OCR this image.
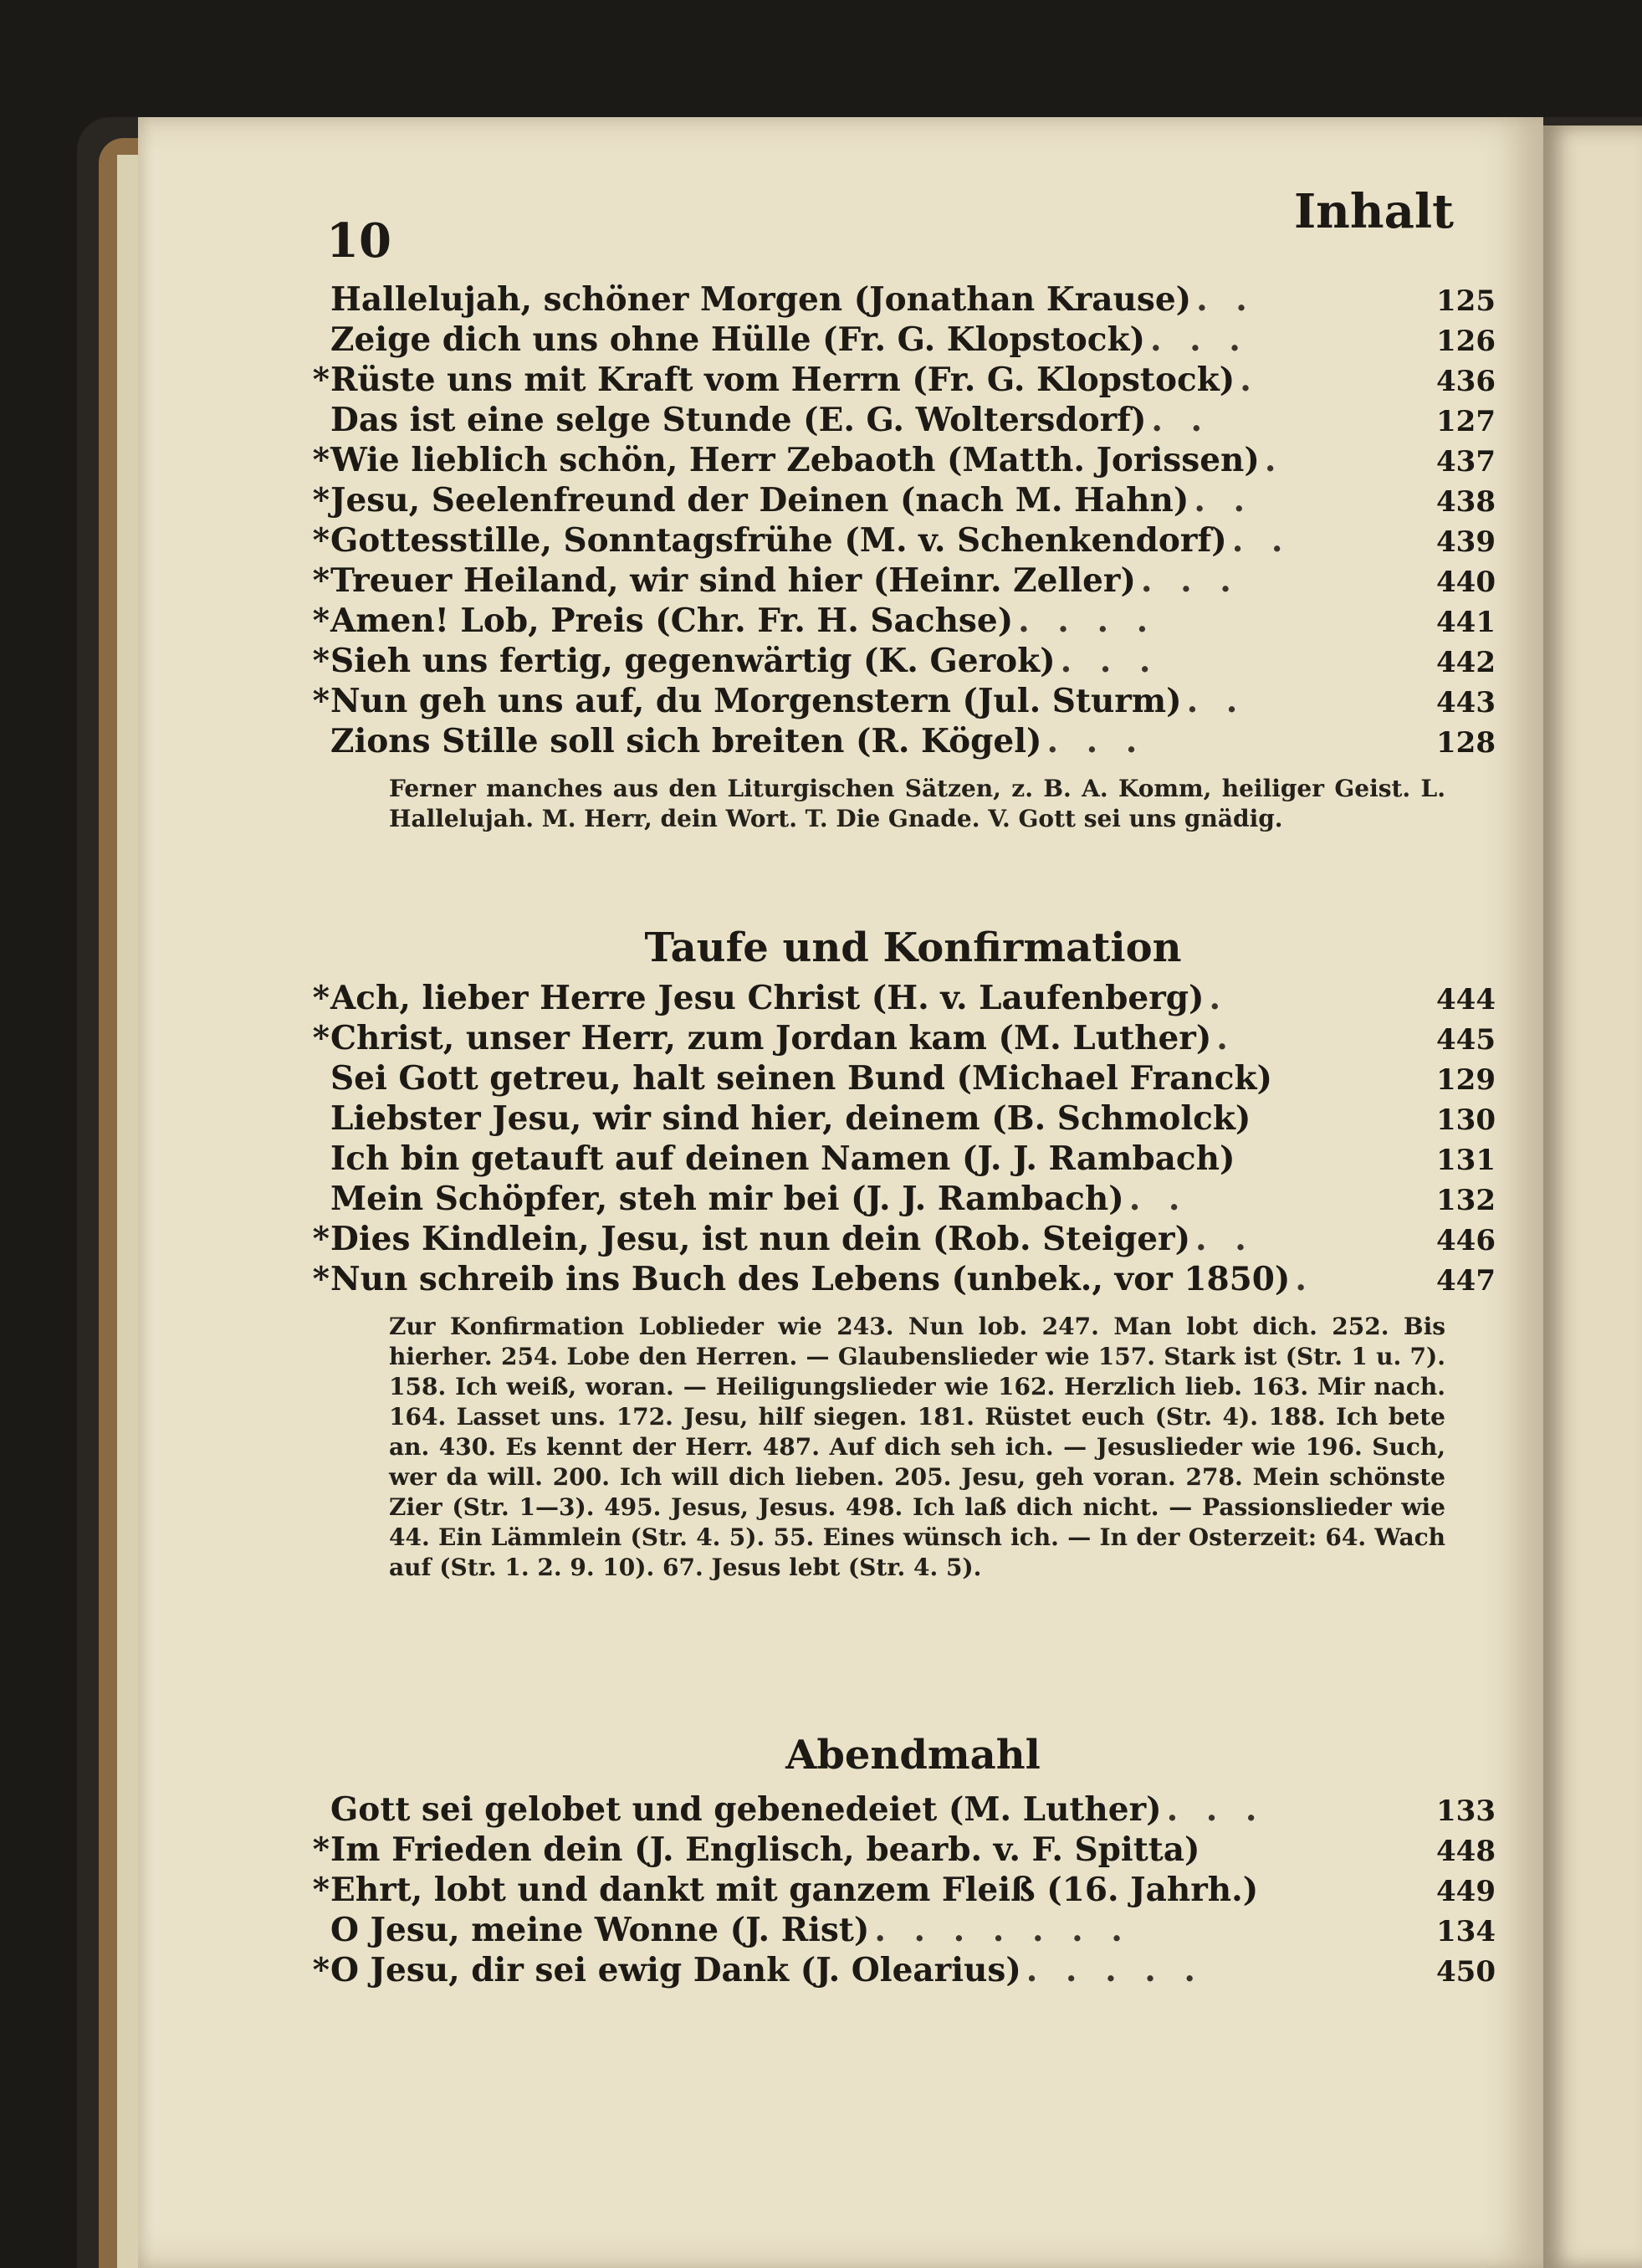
10
Inhalt
Hallelujah, schöner Morgen (Jonathan Krause) . .	125
Zeige dich uns ohne Hülle (Fr. G. Klopstock) . . .	126
Rüste uns mit Kraft vom Herrn (Fr. G. Klopstock) .	436
Das ist eine selge Stunde (E. G. Woltersdorf) . .	127
Wie lieblich schön, Herr Zebaoth (Matth. Jorissen) .	437
Jesu, Seelenfreund der Deinen (nach M. Hahn) . .	438
Gottesstille, Sonntagsfrühe (M. v. Schenkendorf) . .	439
Treuer Heiland, wir sind hier (Heinr. Zeller) . . .	440
Amen! Lob, Preis (Chr. Fr. H. Sachse) . . . .	441
Sieh uns fertig, gegenwärtig (K. Gerok) . . .	442
Nun geh uns auf, du Morgenstern (Jul. Sturm) . .	443
Zions Stille soll sich breiten (R. Kögel) . . .	128
Ferner manches aus den Liturgischen Sätzen, z. B. A. Komm, heiliger Geist. L. Hallelujah. M. Herr, dein Wort. T. Die Gnade. V. Gott sei uns gnädig.
Taufe und Konfirmation
Ach, lieber Herre Jesu Christ (H. v. Laufenberg) .	444
Christ, unser Herr, zum Jordan kam (M. Luther) .	445
Sei Gott getreu, halt seinen Bund (Michael Franck)	129
Liebster Jesu, wir sind hier, deinem (B. Schmolck)	130
Ich bin getauft auf deinen Namen (J. J. Rambach)	131
Mein Schöpfer, steh mir bei (J. J. Rambach) . .	132
Dies Kindlein, Jesu, ist nun dein (Rob. Steiger) . .	446
Nun schreib ins Buch des Lebens (unbek., vor 1850) .	447
Zur Konfirmation Loblieder wie 243. Nun lob. 247. Man lobt dich. 252. Bis hierher. 254. Lobe den Herren. — Glaubenslieder wie 157. Stark ist (Str. 1 u. 7). 158. Ich weiß, woran. — Heiligungslieder wie 162. Herzlich lieb. 163. Mir nach. 164. Lasset uns. 172. Jesu, hilf siegen. 181. Rüstet euch (Str. 4). 188. Ich bete an. 430. Es kennt der Herr. 487. Auf dich seh ich. — Jesuslieder wie 196. Such, wer da will. 200. Ich will dich lieben. 205. Jesu, geh voran. 278. Mein schönste Zier (Str. 1—3). 495. Jesus, Jesus. 498. Ich laß dich nicht. — Passionslieder wie 44. Ein Lämmlein (Str. 4. 5). 55. Eines wünsch ich. — In der Osterzeit: 64. Wach auf (Str. 1. 2. 9. 10). 67. Jesus lebt (Str. 4. 5).
Abendmahl
Gott sei gelobet und gebenedeiet (M. Luther) . . .	133
Im Frieden dein (J. Englisch, bearb. v. F. Spitta)	448
Ehrt, lobt und dankt mit ganzem Fleiß (16. Jahrh.)	449
O Jesu, meine Wonne (J. Rist) . . . . . . .	134
O Jesu, dir sei ewig Dank (J. Olearius) . . . . .	450
